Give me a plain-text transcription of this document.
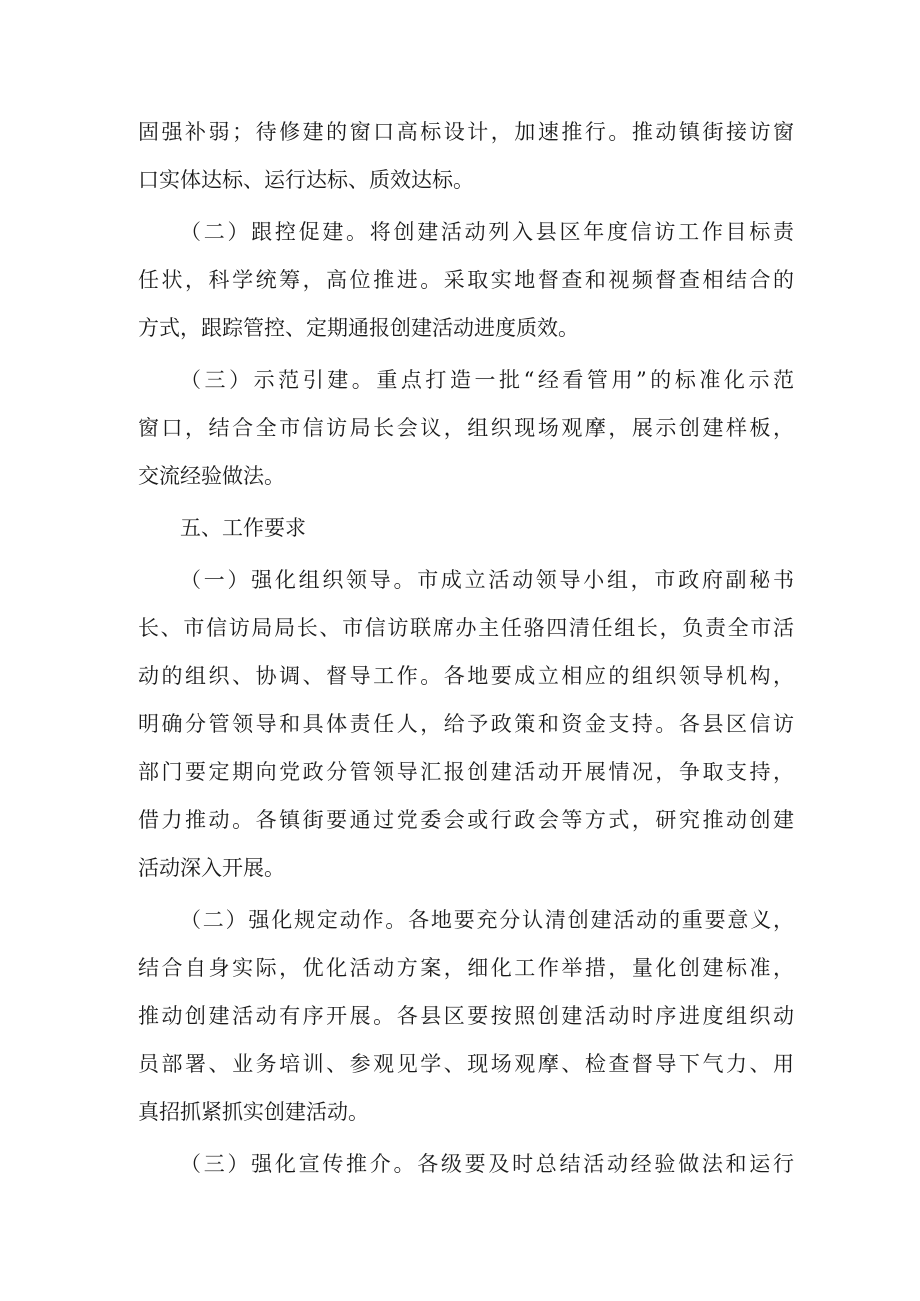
固强补弱；待修建的窗口高标设计，加速推行。推动镇街接访窗
口实体达标、运行达标、质效达标。
（二）跟控促建。将创建活动列入县区年度信访工作目标责
任状，科学统筹，高位推进。采取实地督查和视频督查相结合的
方式，跟踪管控、定期通报创建活动进度质效。
（三）示范引建。重点打造一批“经看管用”的标准化示范
窗口，结合全市信访局长会议，组织现场观摩，展示创建样板，
交流经验做法。
五、工作要求
（一）强化组织领导。市成立活动领导小组，市政府副秘书
长、市信访局局长、市信访联席办主任骆四清任组长，负责全市活
动的组织、协调、督导工作。各地要成立相应的组织领导机构，
明确分管领导和具体责任人，给予政策和资金支持。各县区信访
部门要定期向党政分管领导汇报创建活动开展情况，争取支持，
借力推动。各镇街要通过党委会或行政会等方式，研究推动创建
活动深入开展。
（二）强化规定动作。各地要充分认清创建活动的重要意义，
结合自身实际，优化活动方案，细化工作举措，量化创建标准，
推动创建活动有序开展。各县区要按照创建活动时序进度组织动
员部署、业务培训、参观见学、现场观摩、检查督导下气力、用
真招抓紧抓实创建活动。
（三）强化宣传推介。各级要及时总结活动经验做法和运行
